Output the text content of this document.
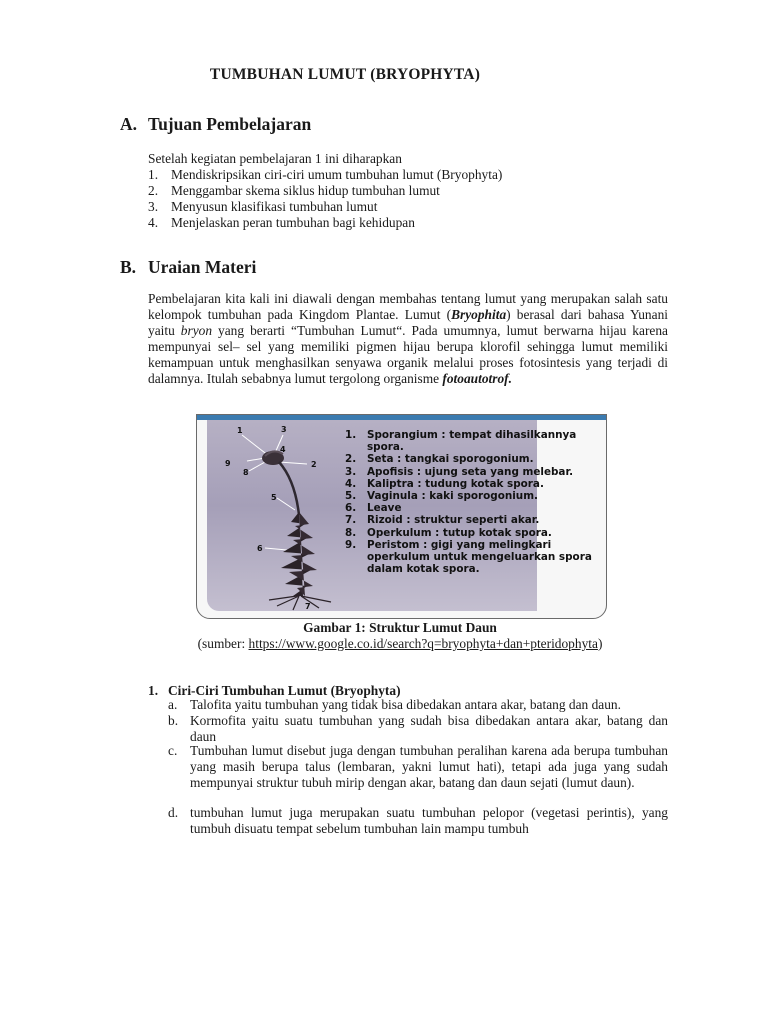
TUMBUHAN LUMUT (BRYOPHYTA)
A. Tujuan Pembelajaran
Setelah kegiatan pembelajaran 1 ini diharapkan
1. Mendiskripsikan ciri-ciri umum tumbuhan lumut (Bryophyta)
2. Menggambar skema siklus hidup tumbuhan lumut
3. Menyusun klasifikasi tumbuhan lumut
4. Menjelaskan peran tumbuhan bagi kehidupan
B. Uraian Materi

Pembelajaran kita kali ini diawali dengan membahas tentang lumut yang merupakan salah satu kelompok tumbuhan pada Kingdom Plantae. Lumut (Bryophita) berasal dari bahasa Yunani yaitu bryon yang berarti “Tumbuhan Lumut“. Pada umumnya, lumut berwarna hijau karena mempunyai sel– sel yang memiliki pigmen hijau berupa klorofil sehingga lumut memiliki kemampuan untuk menghasilkan senyawa organik melalui proses fotosintesis yang terjadi di dalamnya. Itulah sebabnya lumut tergolong organisme fotoautotrof.

1
2
3
4
5
6
7
8
9
1. Sporangium : tempat dihasilkannya spora.
2. Seta : tangkai sporogonium.
3. Apofisis : ujung seta yang melebar.
4. Kaliptra : tudung kotak spora.
5. Vaginula : kaki sporogonium.
6. Leave
7. Rizoid : struktur seperti akar.
8. Operkulum : tutup kotak spora.
9. Peristom : gigi yang melingkari operkulum untuk mengeluarkan spora dalam kotak spora.
Gambar 1: Struktur Lumut Daun
(sumber: https://www.google.co.id/search?q=bryophyta+dan+pteridophyta)
1. Ciri-Ciri Tumbuhan Lumut (Bryophyta)
a. Talofita yaitu tumbuhan yang tidak bisa dibedakan antara akar, batang dan daun.
b. Kormofita yaitu suatu tumbuhan yang sudah bisa dibedakan antara akar, batang dan daun
c. Tumbuhan lumut disebut juga dengan tumbuhan peralihan karena ada berupa tumbuhan yang masih berupa talus (lembaran, yakni lumut hati), tetapi ada juga yang sudah mempunyai struktur tubuh mirip dengan akar, batang dan daun sejati (lumut daun).
d. tumbuhan lumut juga merupakan suatu tumbuhan pelopor (vegetasi perintis), yang tumbuh disuatu tempat sebelum tumbuhan lain mampu tumbuh
